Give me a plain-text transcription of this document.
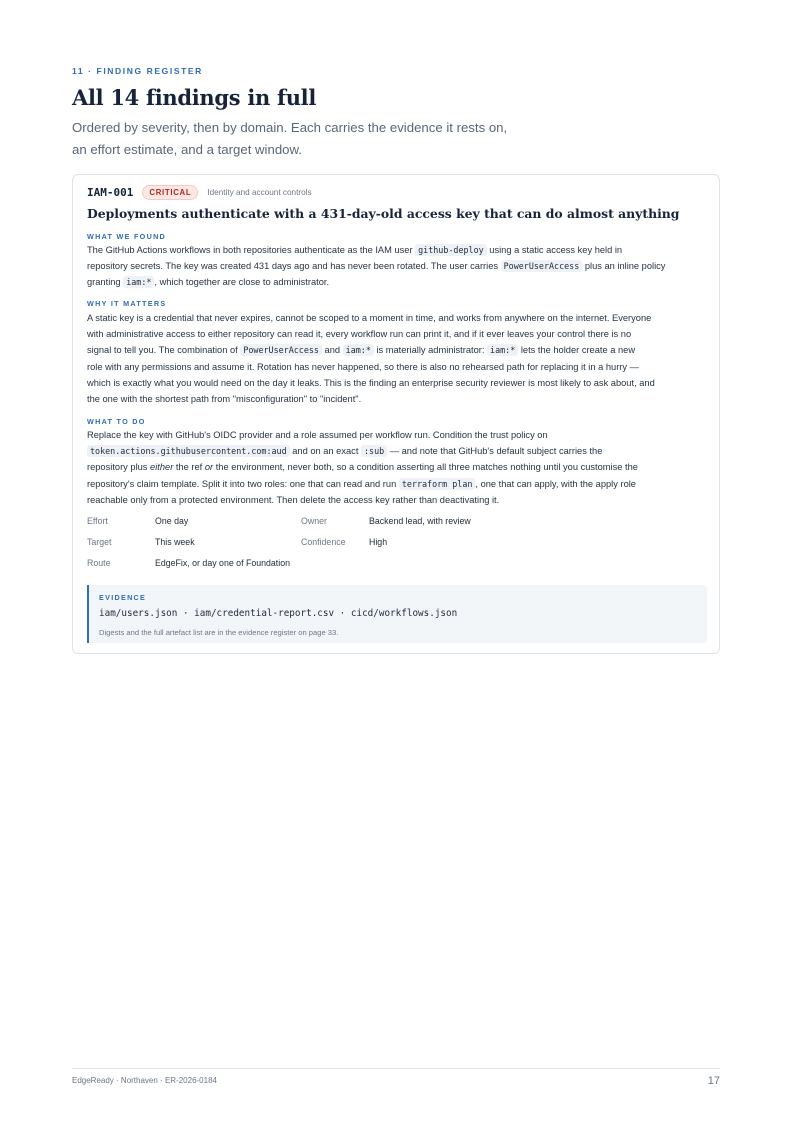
11 · FINDING REGISTER
All 14 findings in full
Ordered by severity, then by domain. Each carries the evidence it rests on,
an effort estimate, and a target window.
IAM-001	CRITICAL	Identity and account controls
Deployments authenticate with a 431-day-old access key that can do almost anything
WHAT WE FOUND
The GitHub Actions workflows in both repositories authenticate as the IAM user github-deploy using a static access key held in
repository secrets. The key was created 431 days ago and has never been rotated. The user carries PowerUserAccess plus an inline policy
granting iam:* , which together are close to administrator.
WHY IT MATTERS
A static key is a credential that never expires, cannot be scoped to a moment in time, and works from anywhere on the internet. Everyone
with administrative access to either repository can read it, every workflow run can print it, and if it ever leaves your control there is no
signal to tell you. The combination of PowerUserAccess and iam:* is materially administrator: iam:* lets the holder create a new
role with any permissions and assume it. Rotation has never happened, so there is also no rehearsed path for replacing it in a hurry —
which is exactly what you would need on the day it leaks. This is the finding an enterprise security reviewer is most likely to ask about, and
the one with the shortest path from "misconfiguration" to "incident".
WHAT TO DO
Replace the key with GitHub's OIDC provider and a role assumed per workflow run. Condition the trust policy on
token.actions.githubusercontent.com:aud and on an exact :sub — and note that GitHub's default subject carries the
repository plus either the ref or the environment, never both, so a condition asserting all three matches nothing until you customise the
repository's claim template. Split it into two roles: one that can read and run terraform plan , one that can apply, with the apply role
reachable only from a protected environment. Then delete the access key rather than deactivating it.
Effort	One day	Owner	Backend lead, with review
Target	This week	Confidence	High
Route	EdgeFix, or day one of Foundation
EVIDENCE
iam/users.json · iam/credential-report.csv · cicd/workflows.json
Digests and the full artefact list are in the evidence register on page 33.
EdgeReady · Northaven · ER-2026-0184	17
